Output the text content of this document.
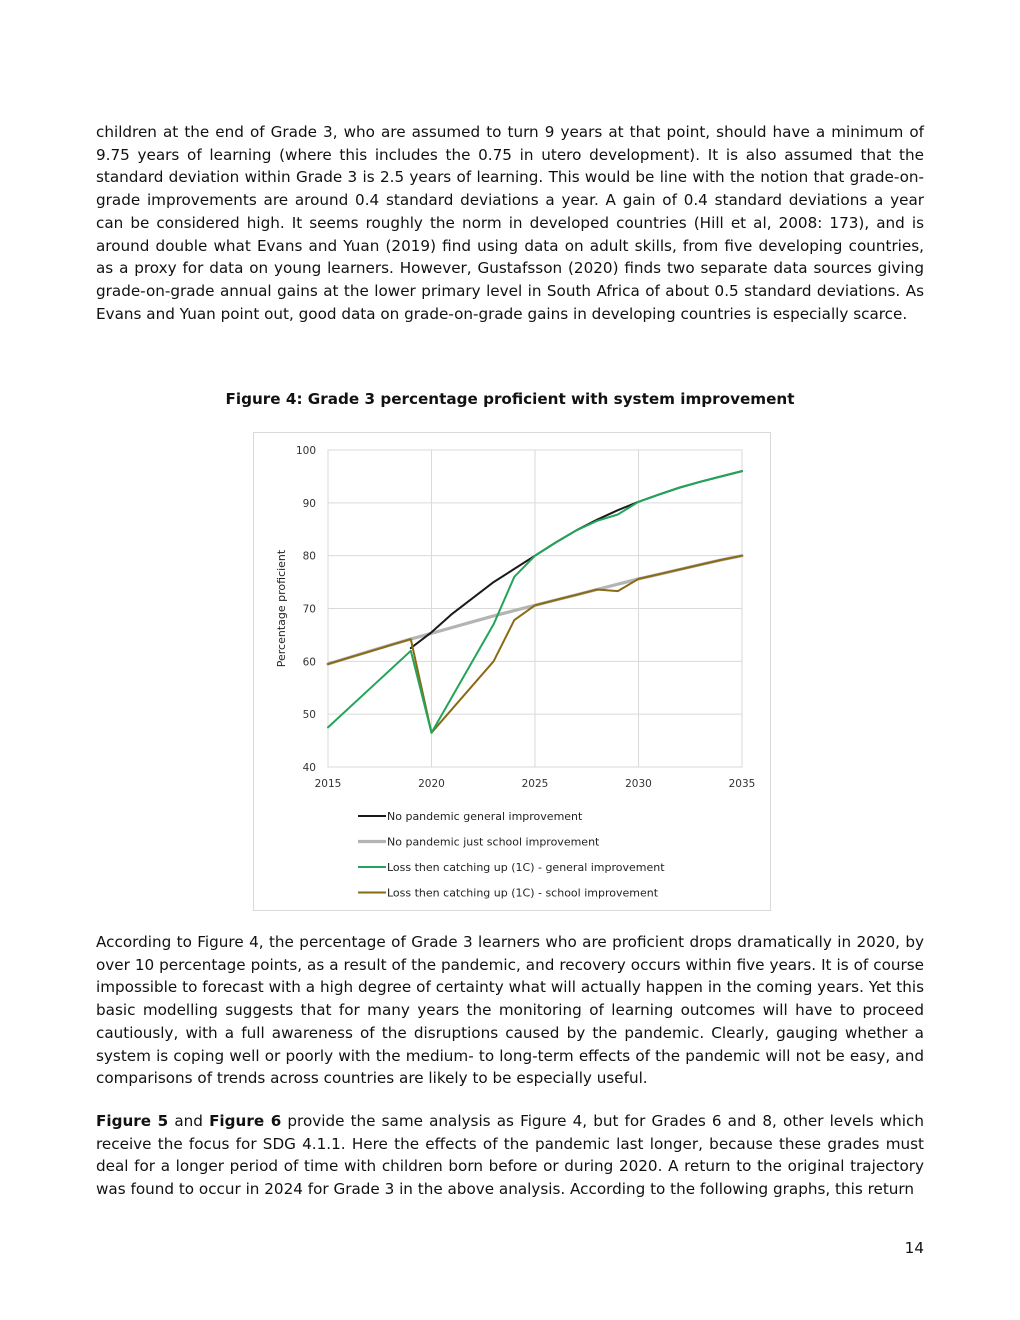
children at the end of Grade 3, who are assumed to turn 9 years at that point, should have a minimum of 9.75 years of learning (where this includes the 0.75 in utero development). It is also assumed that the standard deviation within Grade 3 is 2.5 years of learning. This would be line with the notion that grade-on-grade improvements are around 0.4 standard deviations a year. A gain of 0.4 standard deviations a year can be considered high. It seems roughly the norm in developed countries (Hill et al, 2008: 173), and is around double what Evans and Yuan (2019) find using data on adult skills, from five developing countries, as a proxy for data on young learners. However, Gustafsson (2020) finds two separate data sources giving grade-on-grade annual gains at the lower primary level in South Africa of about 0.5 standard deviations. As Evans and Yuan point out, good data on grade-on-grade gains in developing countries is especially scarce.

Figure 4: Grade 3 percentage proficient with system improvement

40
50
60
70
80
90
100
2015	2020	2025	2030	2035
Percentage proficient
No pandemic general improvement
No pandemic just school improvement
Loss then catching up (1C) - general improvement
Loss then catching up (1C) - school improvement

According to Figure 4, the percentage of Grade 3 learners who are proficient drops dramatically in 2020, by over 10 percentage points, as a result of the pandemic, and recovery occurs within five years. It is of course impossible to forecast with a high degree of certainty what will actually happen in the coming years. Yet this basic modelling suggests that for many years the monitoring of learning outcomes will have to proceed cautiously, with a full awareness of the disruptions caused by the pandemic. Clearly, gauging whether a system is coping well or poorly with the medium- to long-term effects of the pandemic will not be easy, and comparisons of trends across countries are likely to be especially useful.

Figure 5 and Figure 6 provide the same analysis as Figure 4, but for Grades 6 and 8, other levels which receive the focus for SDG 4.1.1. Here the effects of the pandemic last longer, because these grades must deal for a longer period of time with children born before or during 2020. A return to the original trajectory was found to occur in 2024 for Grade 3 in the above analysis. According to the following graphs, this return

14
